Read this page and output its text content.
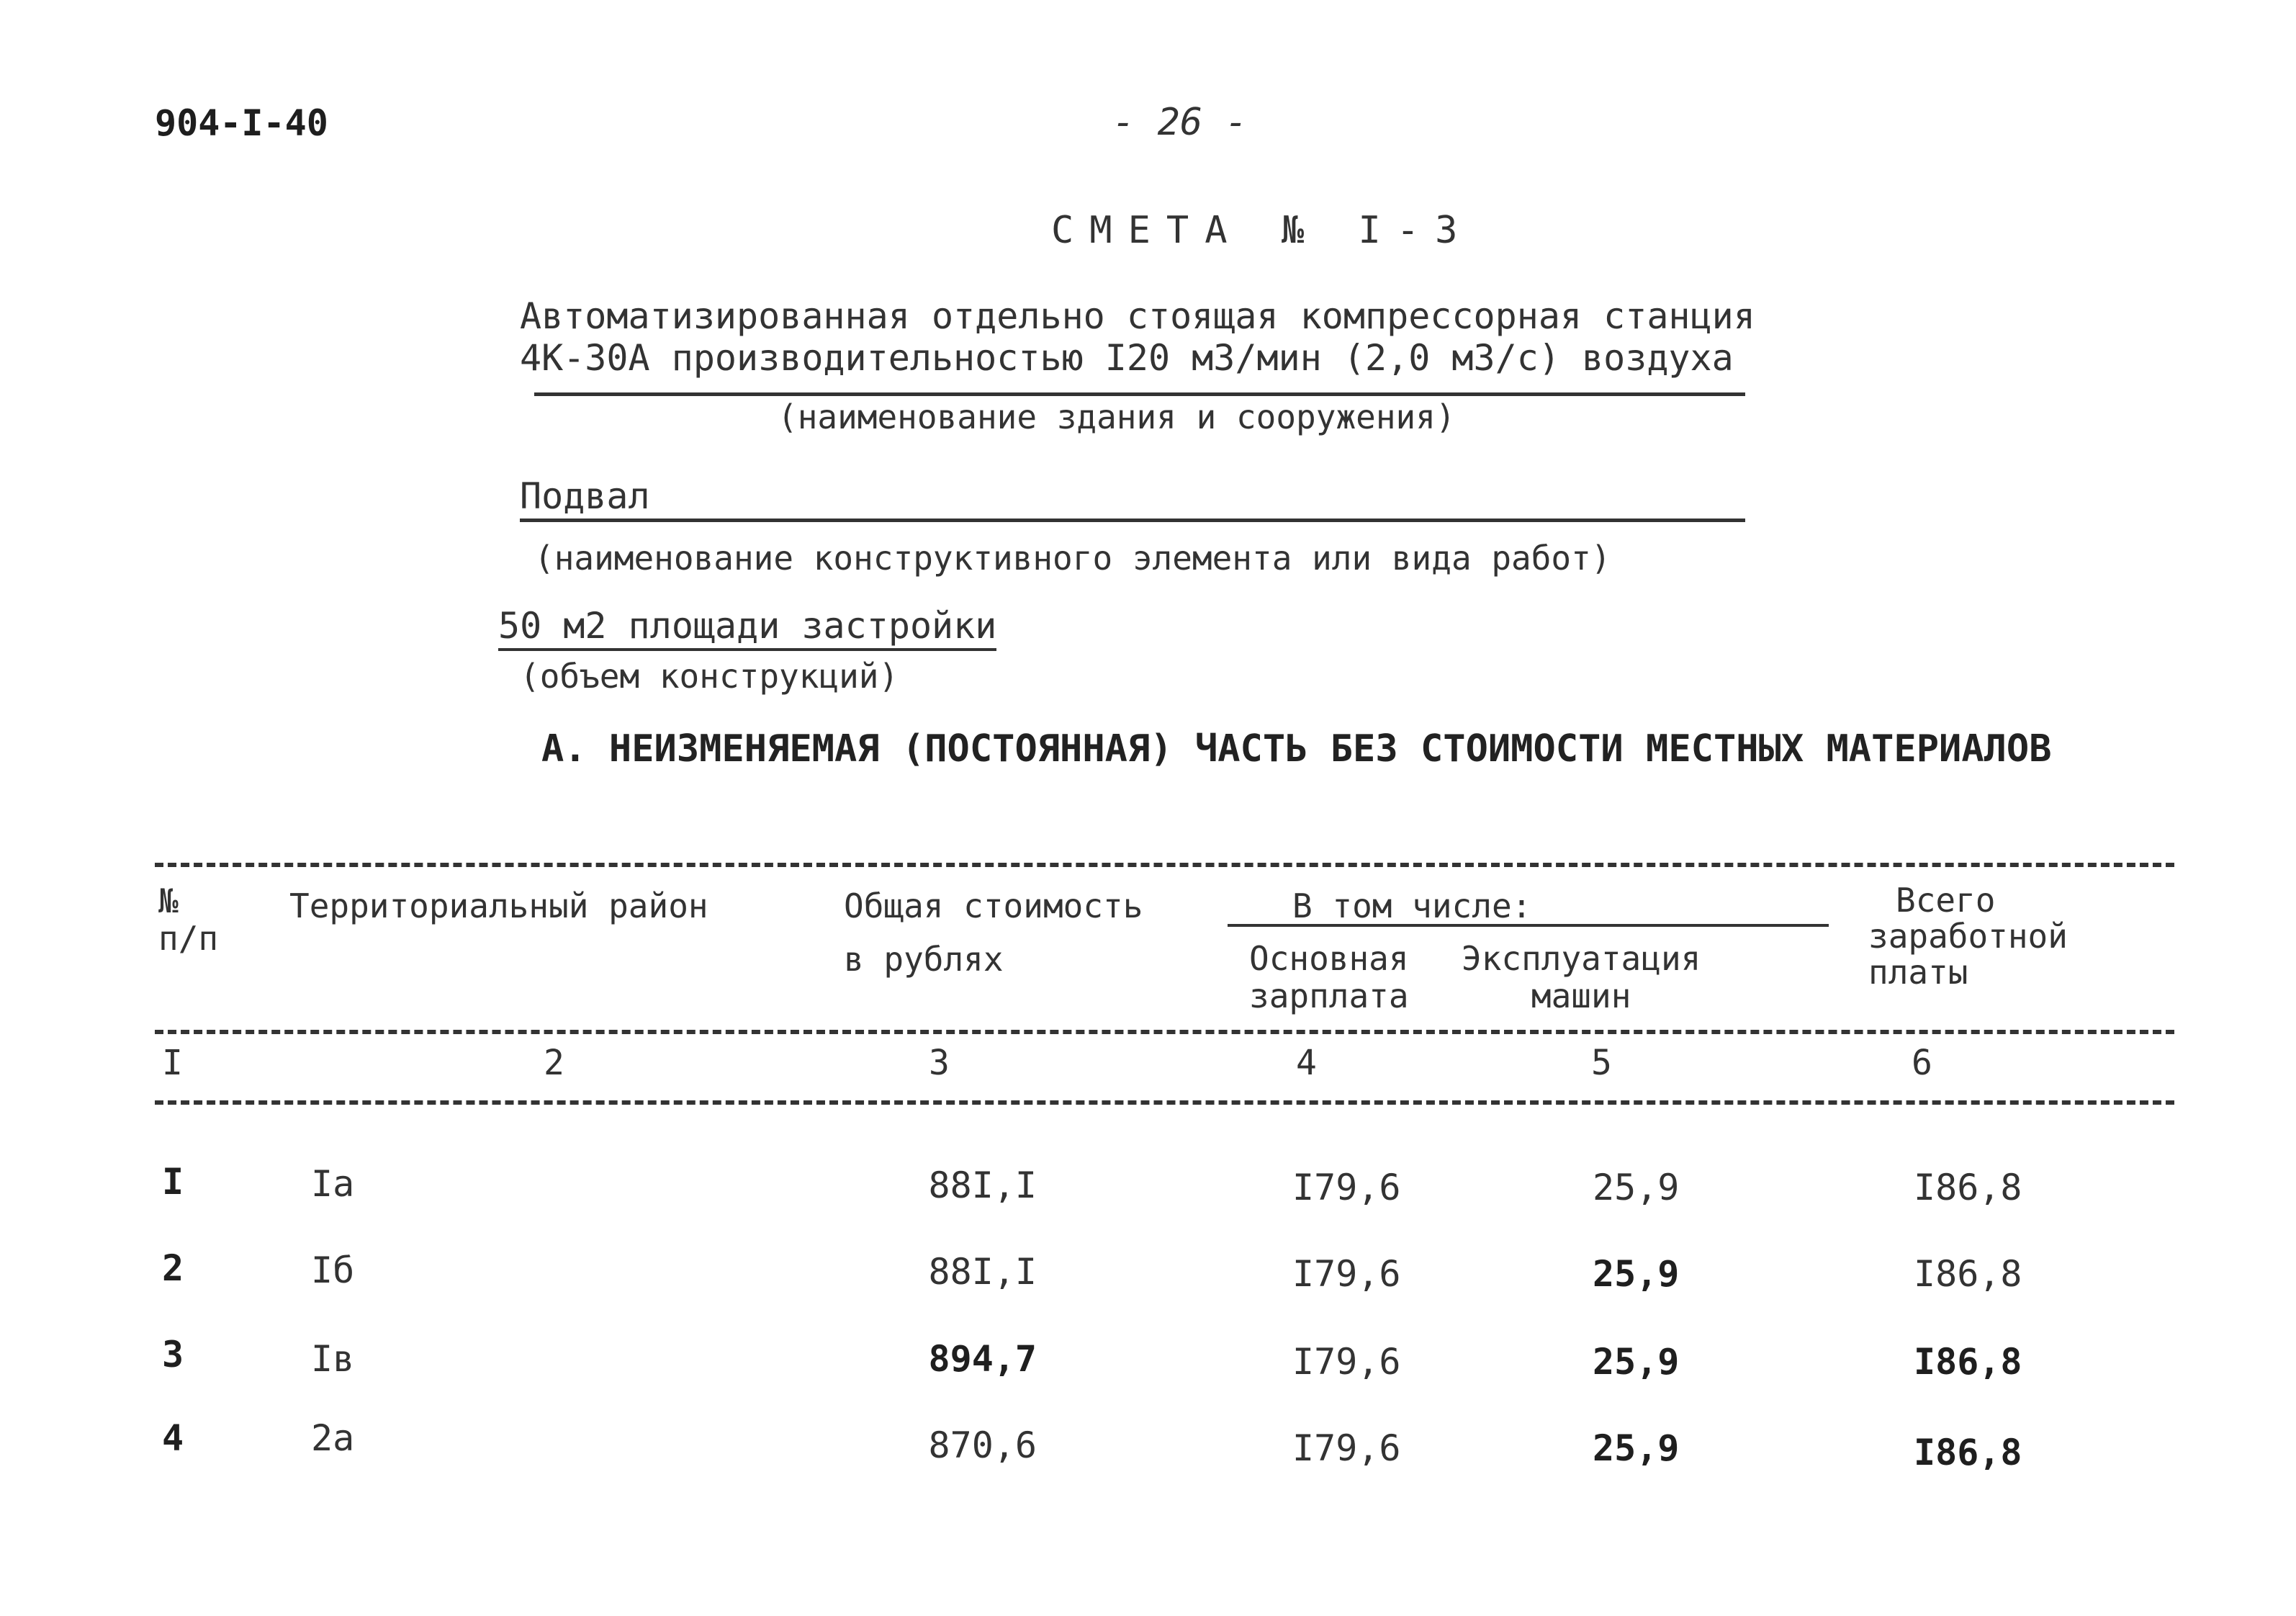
904-I-40	- 26 -
СМЕТА № I-3
Автоматизированная отдельно стоящая компрессорная станция
4К-30А производительностью I20 м3/мин (2,0 м3/с) воздуха
(наименование здания и сооружения)
Подвал
(наименование конструктивного элемента или вида работ)
50 м2 площади застройки
(объем конструкций)
А. НЕИЗМЕНЯЕМАЯ (ПОСТОЯННАЯ) ЧАСТЬ БЕЗ СТОИМОСТИ МЕСТНЫХ МАТЕРИАЛОВ
№
п/п
Территориальный район	Общая стоимость
в рублях
В том числе:
Основная
зарплата
Эксплуатация
машин
Всего
заработной
платы
I	2	3	4	5	6
I	Iа	88I,I	I79,6	25,9	I86,8
2	Iб	88I,I	I79,6	25,9	I86,8
3	Iв	894,7	I79,6	25,9	I86,8
4	2а	870,6	I79,6	25,9	I86,8
